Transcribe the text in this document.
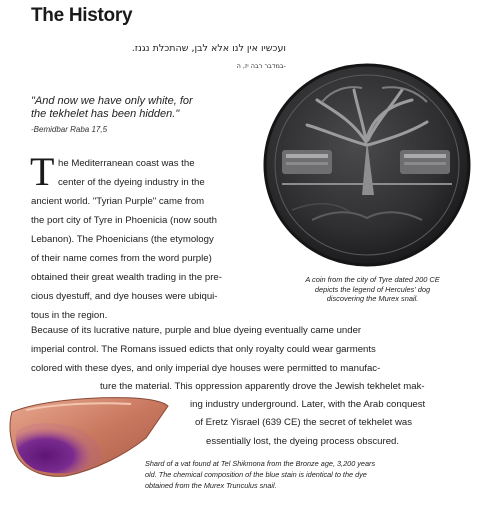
The History
ועכשיו אין לנו אלא לבן, שהתכלת נגנז.
-במדבר רבה יז, ה
"And now we have only white, for
the tekhelet has been hidden."
-Bemidbar Raba 17,5
T he Mediterranean coast was the
center of the dyeing industry in the
ancient world. "Tyrian Purple" came from
the port city of Tyre in Phoenicia (now south
Lebanon). The Phoenicians (the etymology
of their name comes from the word purple)
obtained their great wealth trading in the pre-
cious dyestuff, and dye houses were ubiqui-
tous in the region.
A coin from the city of Tyre dated 200 CE
depicts the legend of Hercules' dog
discovering the Murex snail.
Because of its lucrative nature, purple and blue dyeing eventually came under
imperial control. The Romans issued edicts that only royalty could wear garments
colored with these dyes, and only imperial dye houses were permitted to manufac-
ture the material. This oppression apparently drove the Jewish tekhelet mak-
ing industry underground. Later, with the Arab conquest
of Eretz Yisrael (639 CE) the secret of tekhelet was
essentially lost, the dyeing process obscured.
Shard of a vat found at Tel Shikmona from the Bronze age, 3,200 years
old. The chemical composition of the blue stain is identical to the dye
obtained from the Murex Trunculus snail.
